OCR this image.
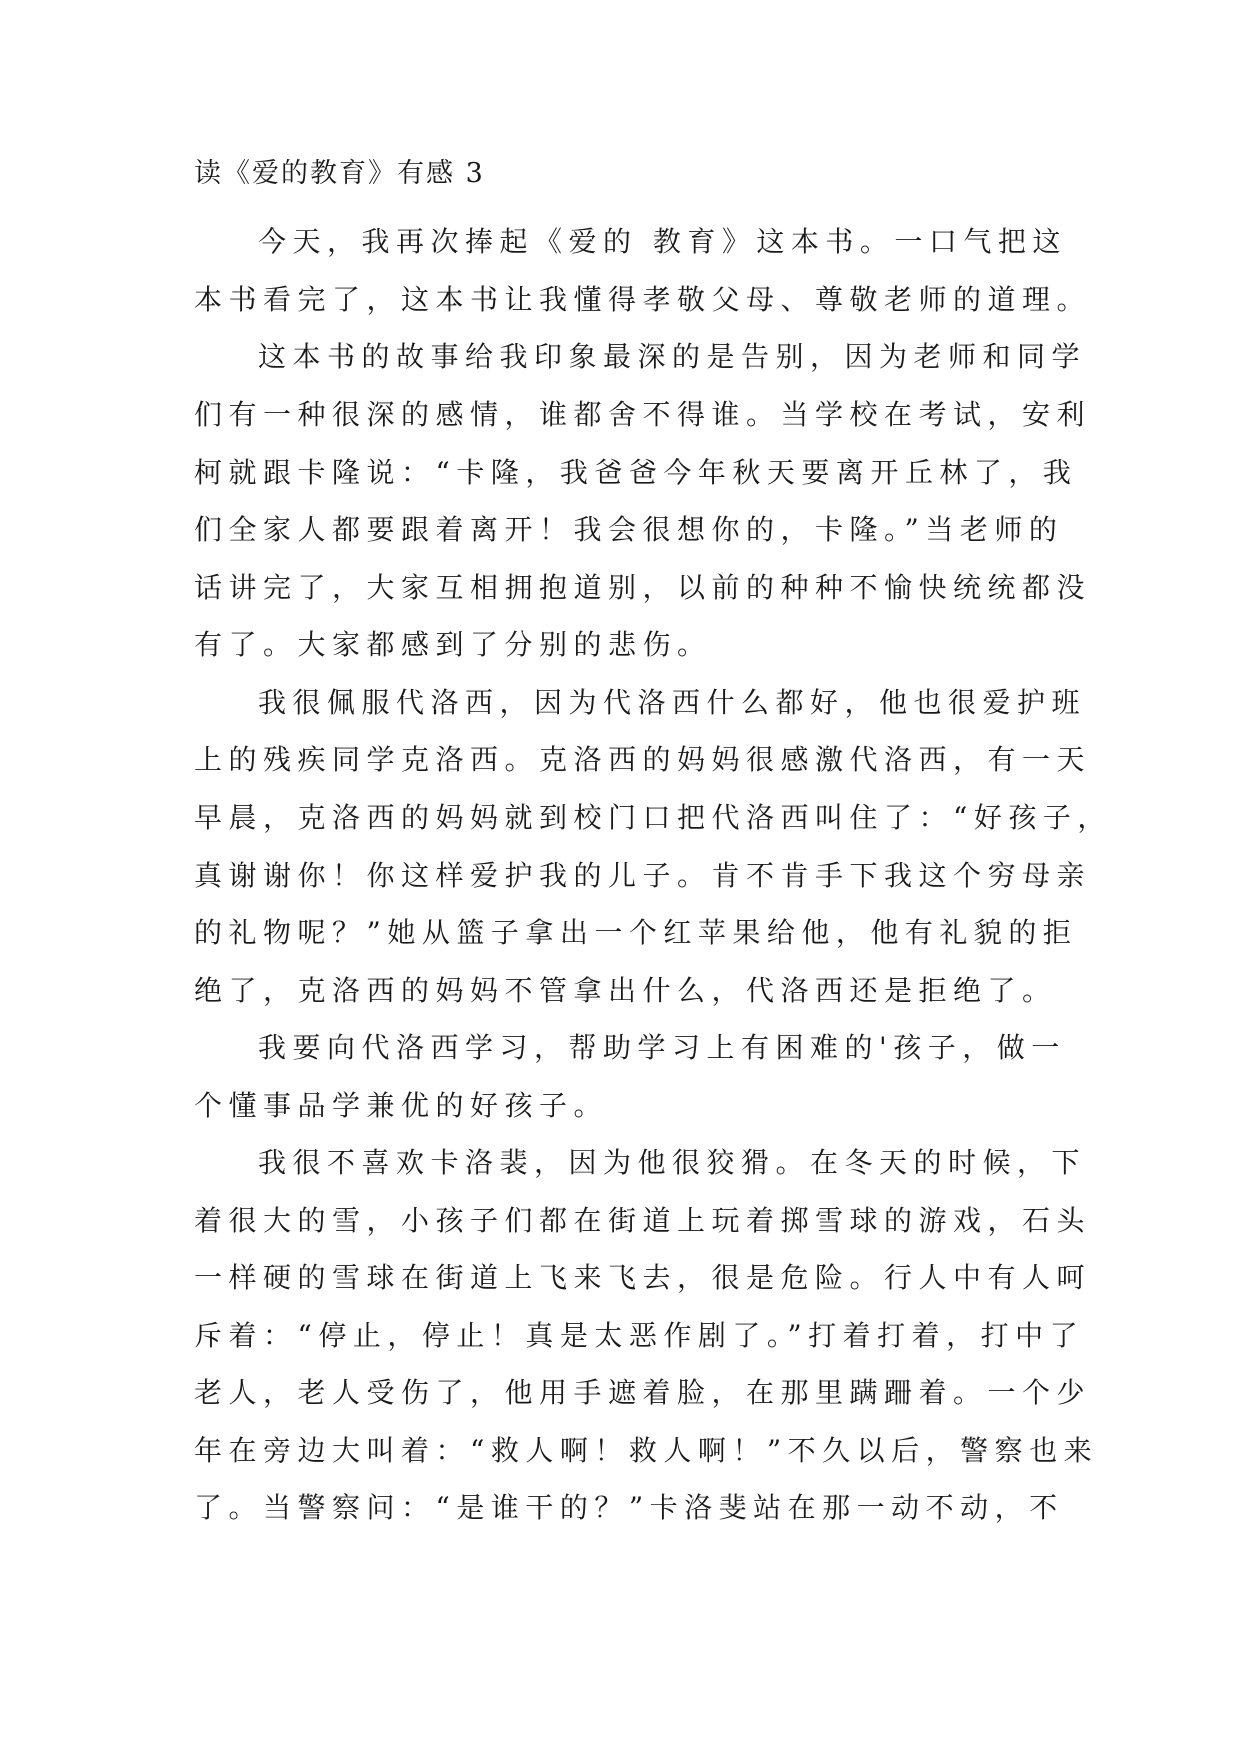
读《爱的教育》有感 3
今天，我再次捧起《爱的 教育》这本书。一口气把这
本书看完了，这本书让我懂得孝敬父母、尊敬老师的道理。
这本书的故事给我印象最深的是告别，因为老师和同学
们有一种很深的感情，谁都舍不得谁。当学校在考试，安利
柯就跟卡隆说：“卡隆，我爸爸今年秋天要离开丘林了，我
们全家人都要跟着离开！我会很想你的，卡隆。”当老师的
话讲完了，大家互相拥抱道别，以前的种种不愉快统统都没
有了。大家都感到了分别的悲伤。
我很佩服代洛西，因为代洛西什么都好，他也很爱护班
上的残疾同学克洛西。克洛西的妈妈很感激代洛西，有一天
早晨，克洛西的妈妈就到校门口把代洛西叫住了：“好孩子，
真谢谢你！你这样爱护我的儿子。肯不肯手下我这个穷母亲
的礼物呢？”她从篮子拿出一个红苹果给他，他有礼貌的拒
绝了，克洛西的妈妈不管拿出什么，代洛西还是拒绝了。
我要向代洛西学习，帮助学习上有困难的'孩子，做一
个懂事品学兼优的好孩子。
我很不喜欢卡洛裴，因为他很狡猾。在冬天的时候，下
着很大的雪，小孩子们都在街道上玩着掷雪球的游戏，石头
一样硬的雪球在街道上飞来飞去，很是危险。行人中有人呵
斥着：“停止，停止！真是太恶作剧了。”打着打着，打中了
老人，老人受伤了，他用手遮着脸，在那里蹒跚着。一个少
年在旁边大叫着：“救人啊！救人啊！”不久以后，警察也来
了。当警察问：“是谁干的？”卡洛斐站在那一动不动，不
